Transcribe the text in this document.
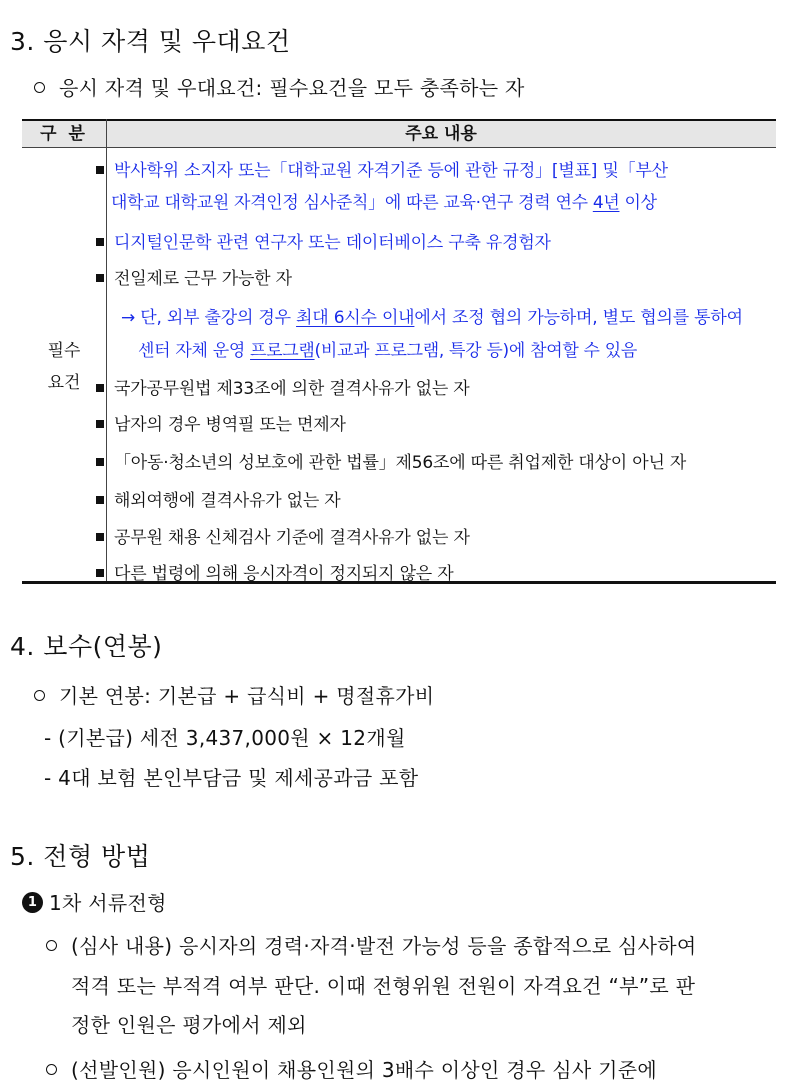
3. 응시 자격 및 우대요건
응시 자격 및 우대요건: 필수요건을 모두 충족하는 자
구 분	주요 내용
필수
요건
박사학위 소지자 또는「대학교원 자격기준 등에 관한 규정」[별표] 및「부산
대학교 대학교원 자격인정 심사준칙」에 따른 교육·연구 경력 연수 4년 이상
디지털인문학 관련 연구자 또는 데이터베이스 구축 유경험자
전일제로 근무 가능한 자
→ 단, 외부 출강의 경우 최대 6시수 이내에서 조정 협의 가능하며, 별도 협의를 통하여
센터 자체 운영 프로그램(비교과 프로그램, 특강 등)에 참여할 수 있음
국가공무원법 제33조에 의한 결격사유가 없는 자
남자의 경우 병역필 또는 면제자
「아동·청소년의 성보호에 관한 법률」제56조에 따른 취업제한 대상이 아닌 자
해외여행에 결격사유가 없는 자
공무원 채용 신체검사 기준에 결격사유가 없는 자
다른 법령에 의해 응시자격이 정지되지 않은 자
4. 보수(연봉)
기본 연봉: 기본급 + 급식비 + 명절휴가비
- (기본급) 세전 3,437,000원 × 12개월
- 4대 보험 본인부담금 및 제세공과금 포함
5. 전형 방법
1 1차 서류전형
(심사 내용) 응시자의 경력·자격·발전 가능성 등을 종합적으로 심사하여
적격 또는 부적격 여부 판단. 이때 전형위원 전원이 자격요건 “부”로 판
정한 인원은 평가에서 제외
(선발인원) 응시인원이 채용인원의 3배수 이상인 경우 심사 기준에
